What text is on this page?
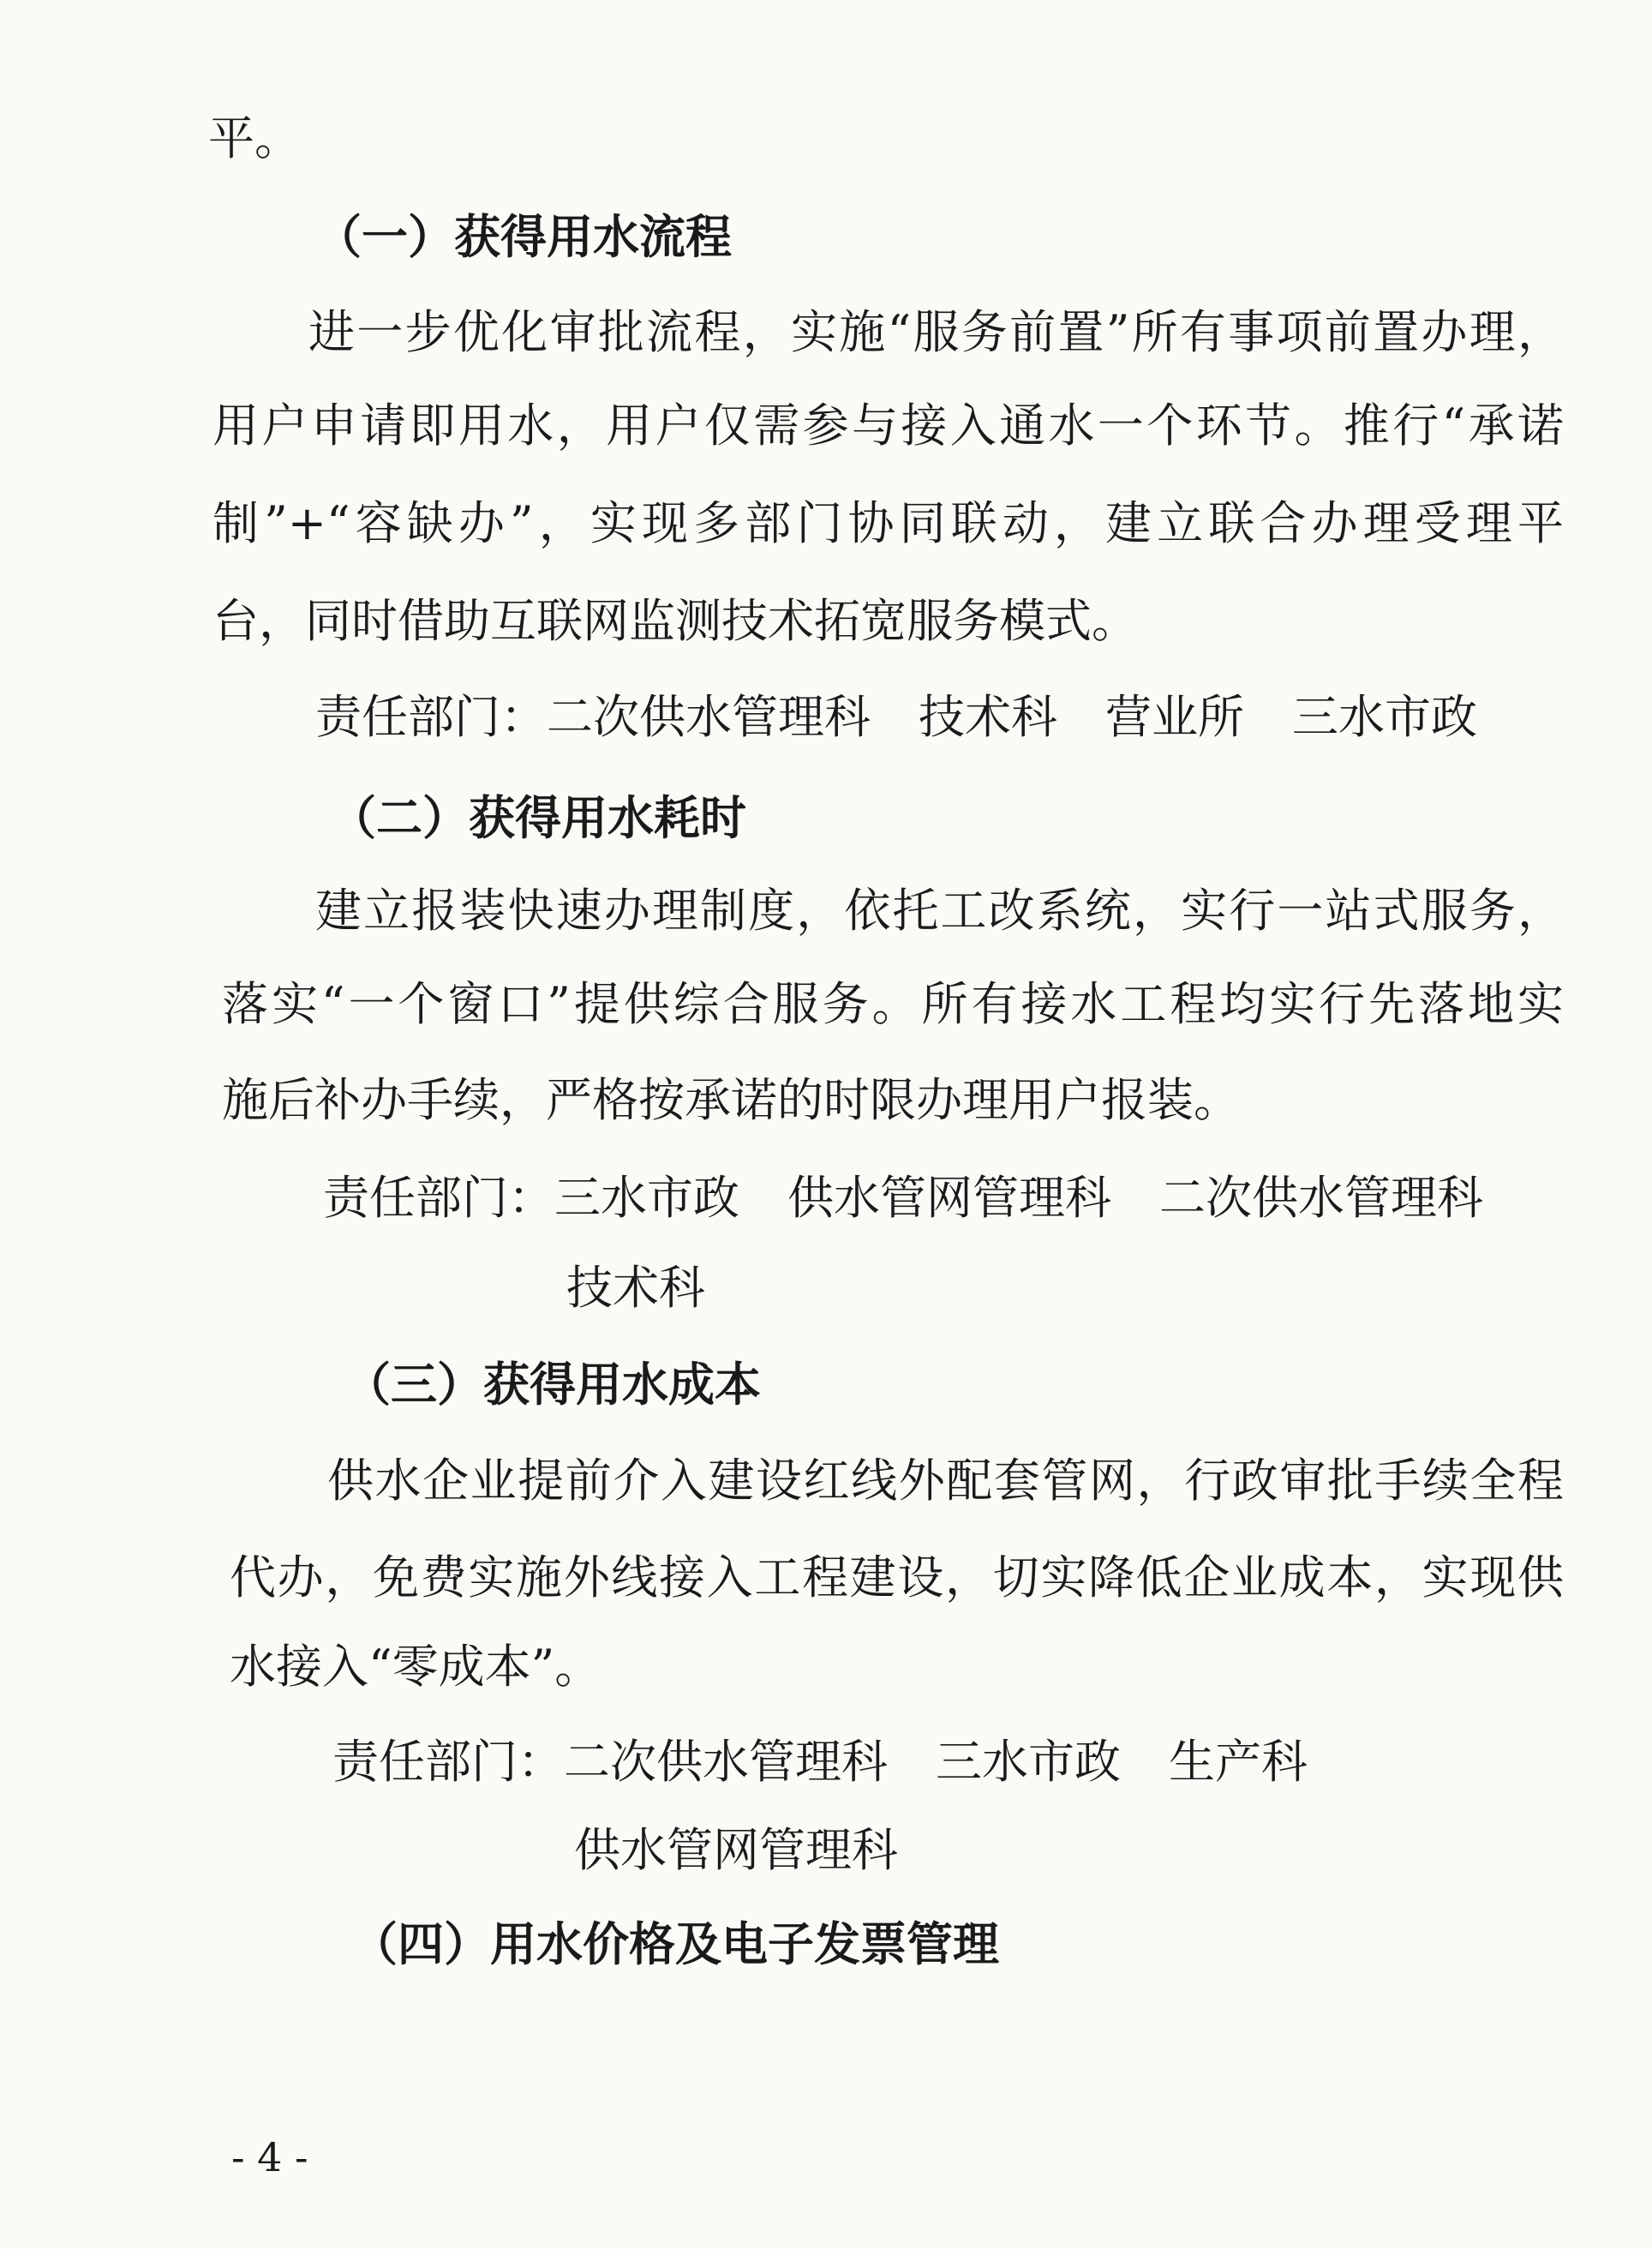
平。
（一）获得用水流程
进一步优化审批流程，实施“服务前置”所有事项前置办理，
用户申请即用水，用户仅需参与接入通水一个环节。推行“承诺
制”+“容缺办”，实现多部门协同联动，建立联合办理受理平
台，同时借助互联网监测技术拓宽服务模式。
责任部门：二次供水管理科 技术科 营业所 三水市政
（二）获得用水耗时
建立报装快速办理制度，依托工改系统，实行一站式服务，
落实“一个窗口”提供综合服务。所有接水工程均实行先落地实
施后补办手续，严格按承诺的时限办理用户报装。
责任部门：三水市政 供水管网管理科 二次供水管理科
技术科
（三）获得用水成本
供水企业提前介入建设红线外配套管网，行政审批手续全程
代办，免费实施外线接入工程建设，切实降低企业成本，实现供
水接入“零成本”。
责任部门：二次供水管理科 三水市政 生产科
供水管网管理科
（四）用水价格及电子发票管理
- 4 -
